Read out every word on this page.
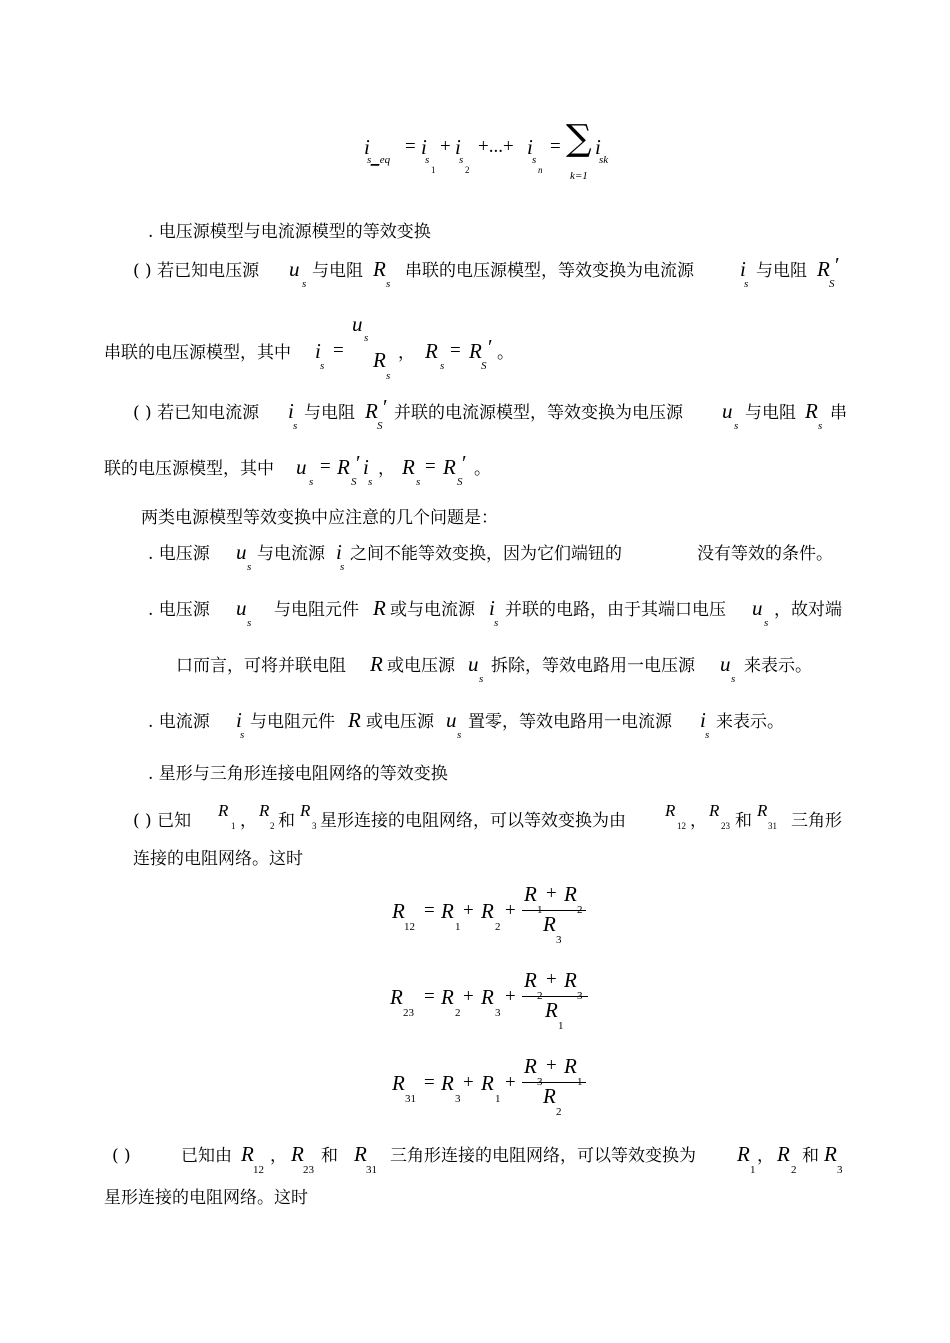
i
s▁eq
= i
s
1
+ i
s
2
+...+ i
s
n
= ∑ i
sk
k=1
. 电压源模型与电流源模型的等效变换
( ) 若已知电压源 u
s
与电阻 R
s
串联的电压源模型，等效变换为电流源 i
s
与电阻 R ′
S
串联的电压源模型，其中 i
s
=
u
s
R
s
， R
s
= R ′
S
。
( ) 若已知电流源 i
s
与电阻 R ′
S
并联的电流源模型，等效变换为电压源 u
s
与电阻 R
s
串
联的电压源模型，其中 u
s
= R ′
S
i
s
， R
s
= R ′
S
。
两类电源模型等效变换中应注意的几个问题是：
. 电压源 u
s
与电流源 i
s
之间不能等效变换，因为它们端钮的	没有等效的条件。
. 电压源 u
s
与电阻元件 R 或与电流源 i
s
并联的电路，由于其端口电压 u
s
，故对端
口而言，可将并联电阻 R 或电压源 u
s
拆除，等效电路用一电压源 u
s
来表示。
. 电流源 i
s
与电阻元件 R 或电压源 u
s
置零，等效电路用一电流源 i
s
来表示。
. 星形与三角形连接电阻网络的等效变换
( ) 已知
R
1 ，
R
2 和
R
3 星形连接的电阻网络，可以等效变换为由
R
12 ，
R
23 和
R
31 三角形
连接的电阻网络。这时
R
12
= R
1
+ R
2
+
R + R
R
3
R
23
= R
2
+ R
3
+
R + R
R
1
R
31
= R
3
+ R
1
+
R + R
R
2
( )	已知由 R
12
， R
23
和 R
31
三角形连接的电阻网络，可以等效变换为 R
1
， R
2
和 R
3
星形连接的电阻网络。这时
